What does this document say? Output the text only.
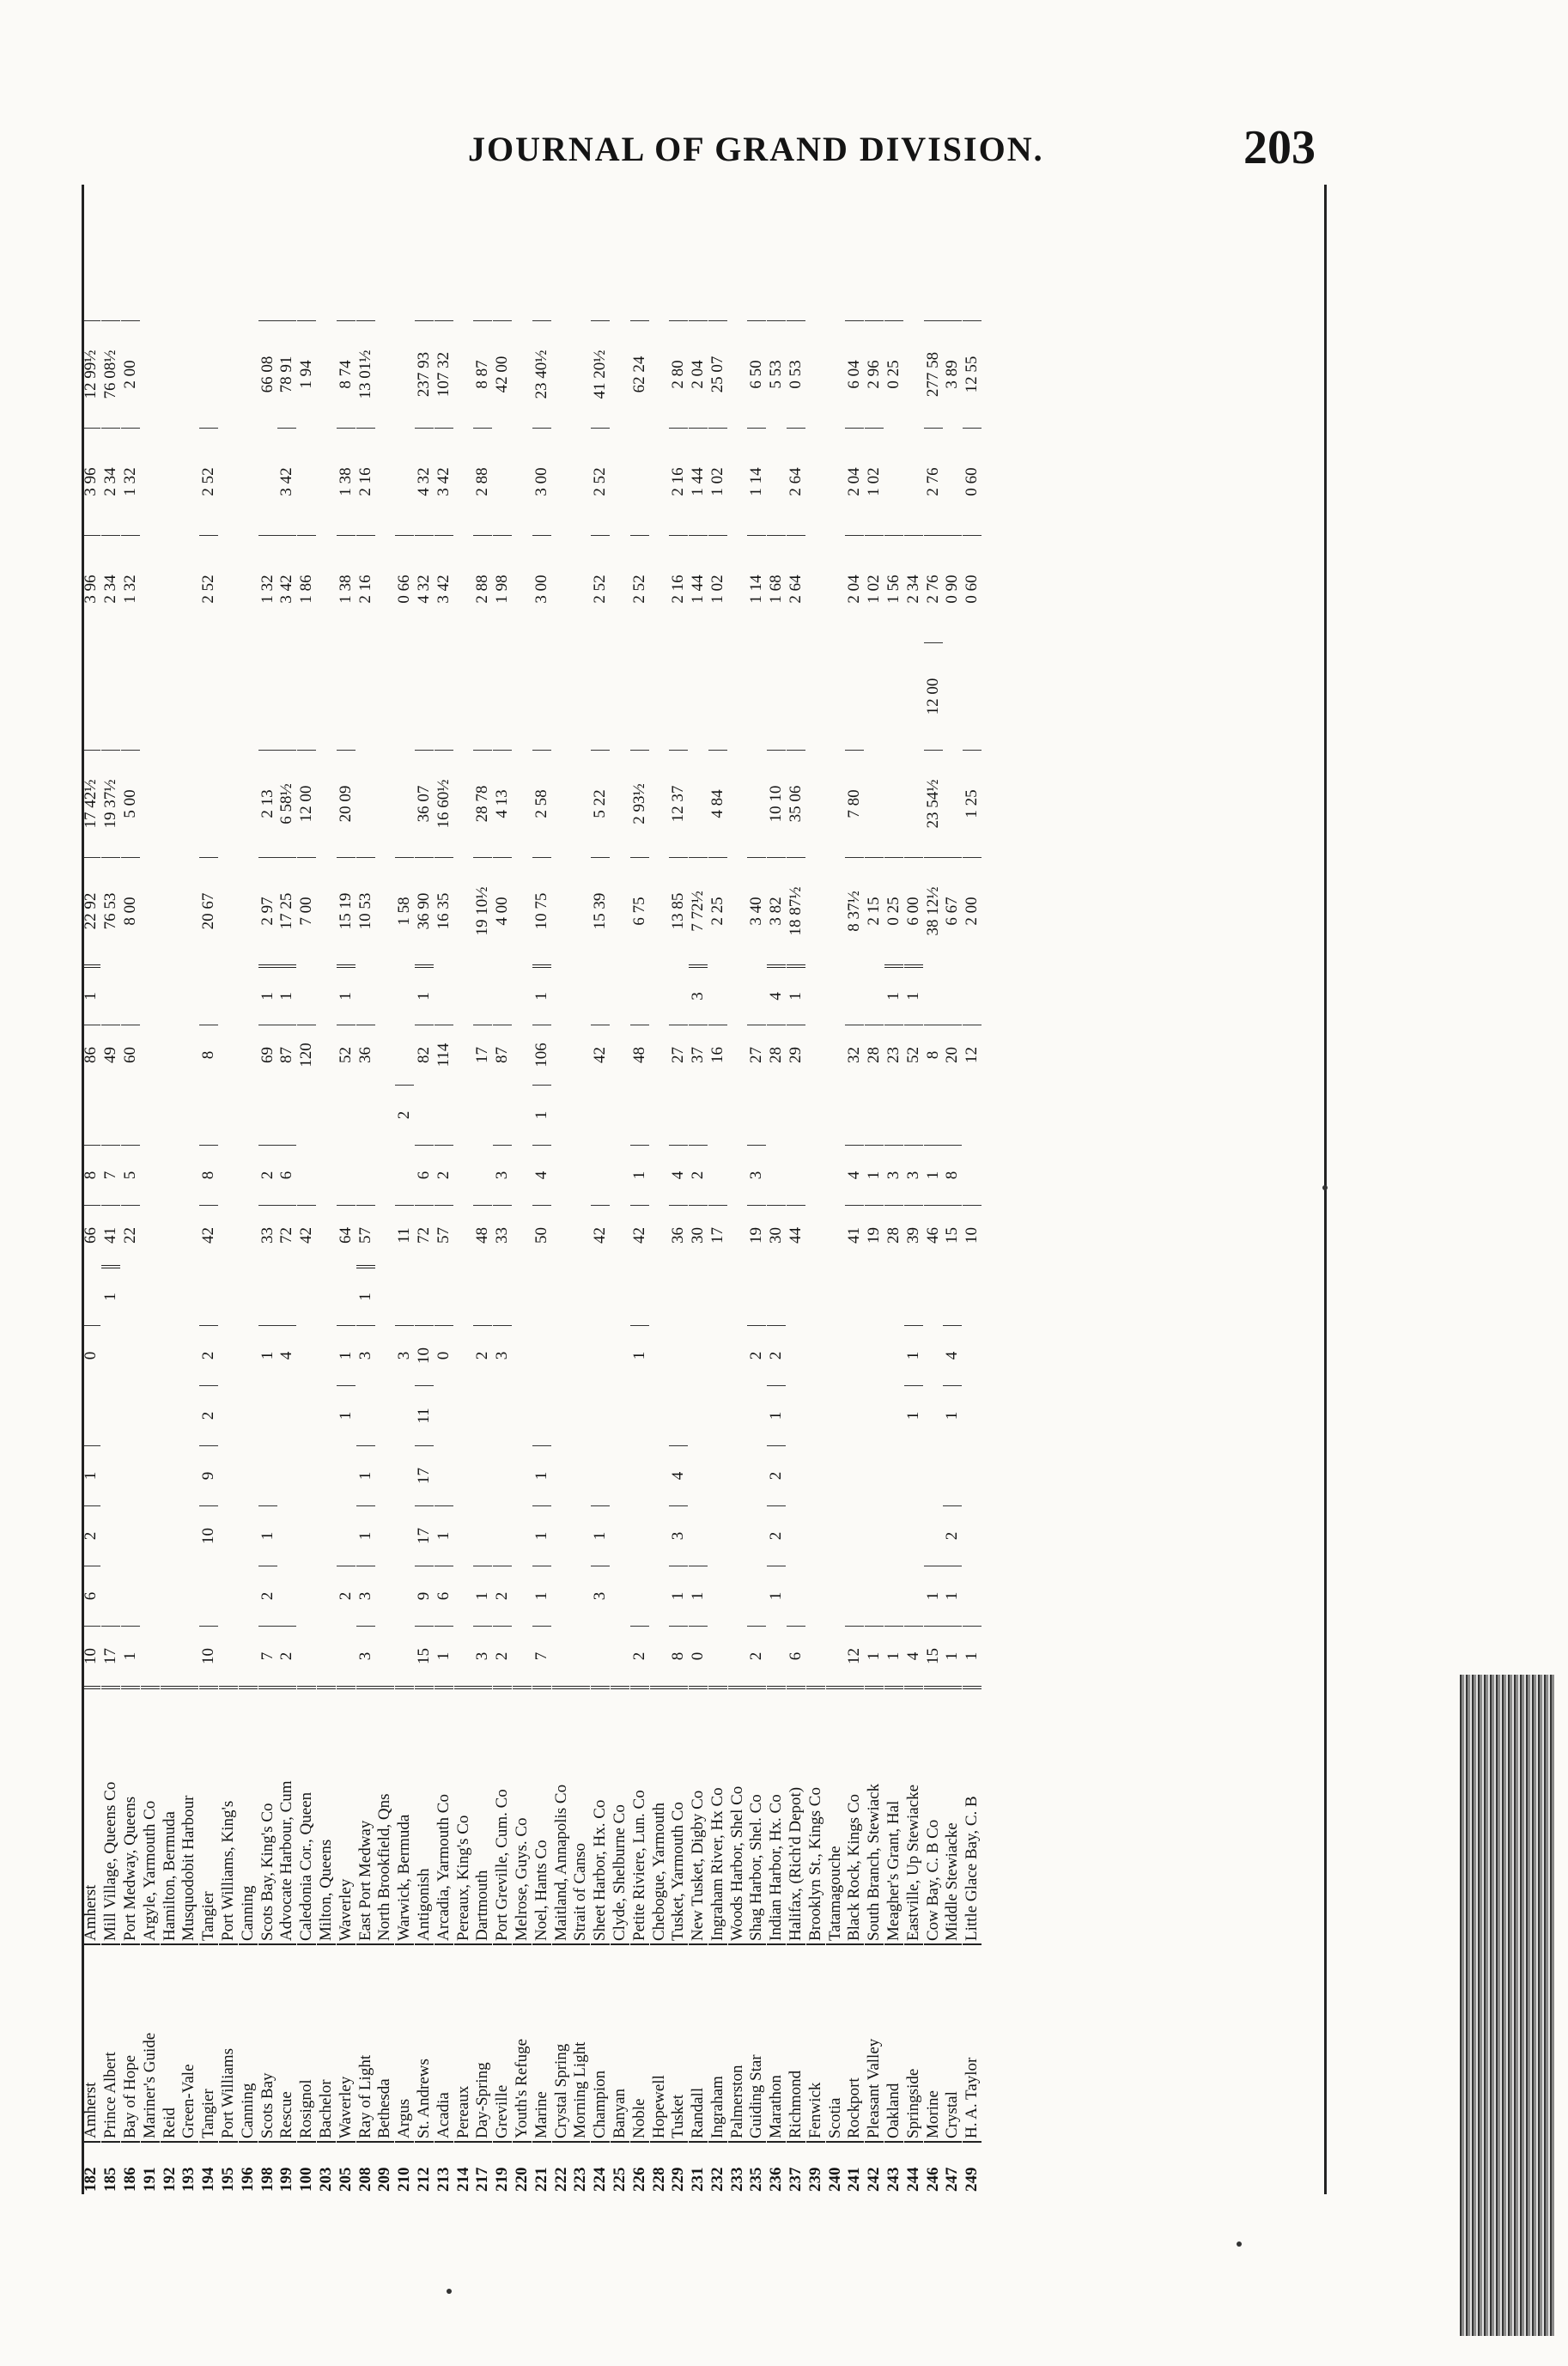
JOURNAL OF GRAND DIVISION.	203
182
Amherst
Amherst
10
6
2
1
0
66
8
86
1
22 92
17 42½
3 96
3 96
12 99½
185
Prince Albert
Mill Village, Queens Co
17
1
41
7
49
76 53
19 37½
2 34
2 34
76 08½
186
Bay of Hope
Port Medway, Queens
1
22
5
60
8 00
5 00
1 32
1 32
2 00
191
Mariner's Guide
Argyle, Yarmouth Co
192
Reid
Hamilton, Bermuda
193
Green-Vale
Musquodobit Harbour
194
Tangier
Tangier
10
10
9
2
2
42
8
8
20 67
2 52
2 52
195
Port Williams
Port Williams, King's
196
Canning
Canning
198
Scots Bay
Scots Bay, King's Co
7
2
1
1
33
2
69
1
2 97
2 13
1 32
66 08
199
Rescue
Advocate Harbour, Cum
2
4
72
6
87
1
17 25
6 58½
3 42
3 42
78 91
100
Rosignol
Caledonia Cor., Queen
42
120
7 00
12 00
1 86
1 94
203
Bachelor
Milton, Queens
205
Waverley
Waverley
2
1
1
64
52
1
15 19
20 09
1 38
1 38
8 74
208
Ray of Light
East Port Medway
3
3
1
1
3
1
57
36
10 53
2 16
2 16
13 01½
209
Bethesda
North Brookfield, Qns
210
Argus
Warwick, Bermuda
3
11
2
1 58
0 66
212
St. Andrews
Antigonish
15
9
17
17
11
10
72
6
82
1
36 90
36 07
4 32
4 32
237 93
213
Acadia
Arcadia, Yarmouth Co
1
6
1
0
57
2
114
16 35
16 60½
3 42
3 42
107 32
214
Pereaux
Pereaux, King's Co
217
Day-Spring
Dartmouth
3
1
2
48
17
19 10½
28 78
2 88
2 88
8 87
219
Greville
Port Greville, Cum. Co
2
2
3
33
3
87
4 00
4 13
1 98
42 00
220
Youth's Refuge
Melrose, Guys. Co
221
Marine
Noel, Hants Co
7
1
1
1
50
4
1
106
1
10 75
2 58
3 00
3 00
23 40½
222
Crystal Spring
Maitland, Annapolis Co
223
Morning Light
Strait of Canso
224
Champion
Sheet Harbor, Hx. Co
3
1
42
42
15 39
5 22
2 52
2 52
41 20½
225
Banyan
Clyde, Shelburne Co
226
Noble
Petite Riviere, Lun. Co
2
1
42
1
48
6 75
2 93½
2 52
62 24
228
Hopewell
Chebogue, Yarmouth
229
Tusket
Tusket, Yarmouth Co
8
1
3
4
36
4
27
13 85
12 37
2 16
2 16
2 80
231
Randall
New Tusket, Digby Co
0
1
30
2
37
3
7 72½
1 44
1 44
2 04
232
Ingraham
Ingraham River, Hx Co
17
16
2 25
4 84
1 02
1 02
25 07
233
Palmerston
Woods Harbor, Shel Co
235
Guiding Star
Shag Harbor, Shel. Co
2
2
19
3
27
3 40
1 14
1 14
6 50
236
Marathon
Indian Harbor, Hx. Co
1
2
2
1
2
30
28
4
3 82
10 10
1 68
5 53
237
Richmond
Halifax, (Rich'd Depot)
6
44
29
1
18 87½
35 06
2 64
2 64
0 53
239
Fenwick
Brooklyn St., Kings Co
240
Scotia
Tatamagouche
241
Rockport
Black Rock, Kings Co
12
41
4
32
8 37½
7 80
2 04
2 04
6 04
242
Pleasant Valley
South Branch, Stewiack
1
19
1
28
2 15
1 02
1 02
2 96
243
Oakland
Meagher's Grant, Hal
1
28
3
23
1
0 25
1 56
0 25
244
Springside
Eastville, Up Stewiacke
4
1
1
39
3
52
1
6 00
2 34
246
Morine
Cow Bay, C. B Co
15
1
46
1
8
38 12½
23 54½
12 00
2 76
2 76
277 58
247
Crystal
Middle Stewiacke
1
1
2
1
4
15
8
20
6 67
0 90
3 89
249
H. A. Taylor
Little Glace Bay, C. B
1
10
12
2 00
1 25
0 60
0 60
12 55
